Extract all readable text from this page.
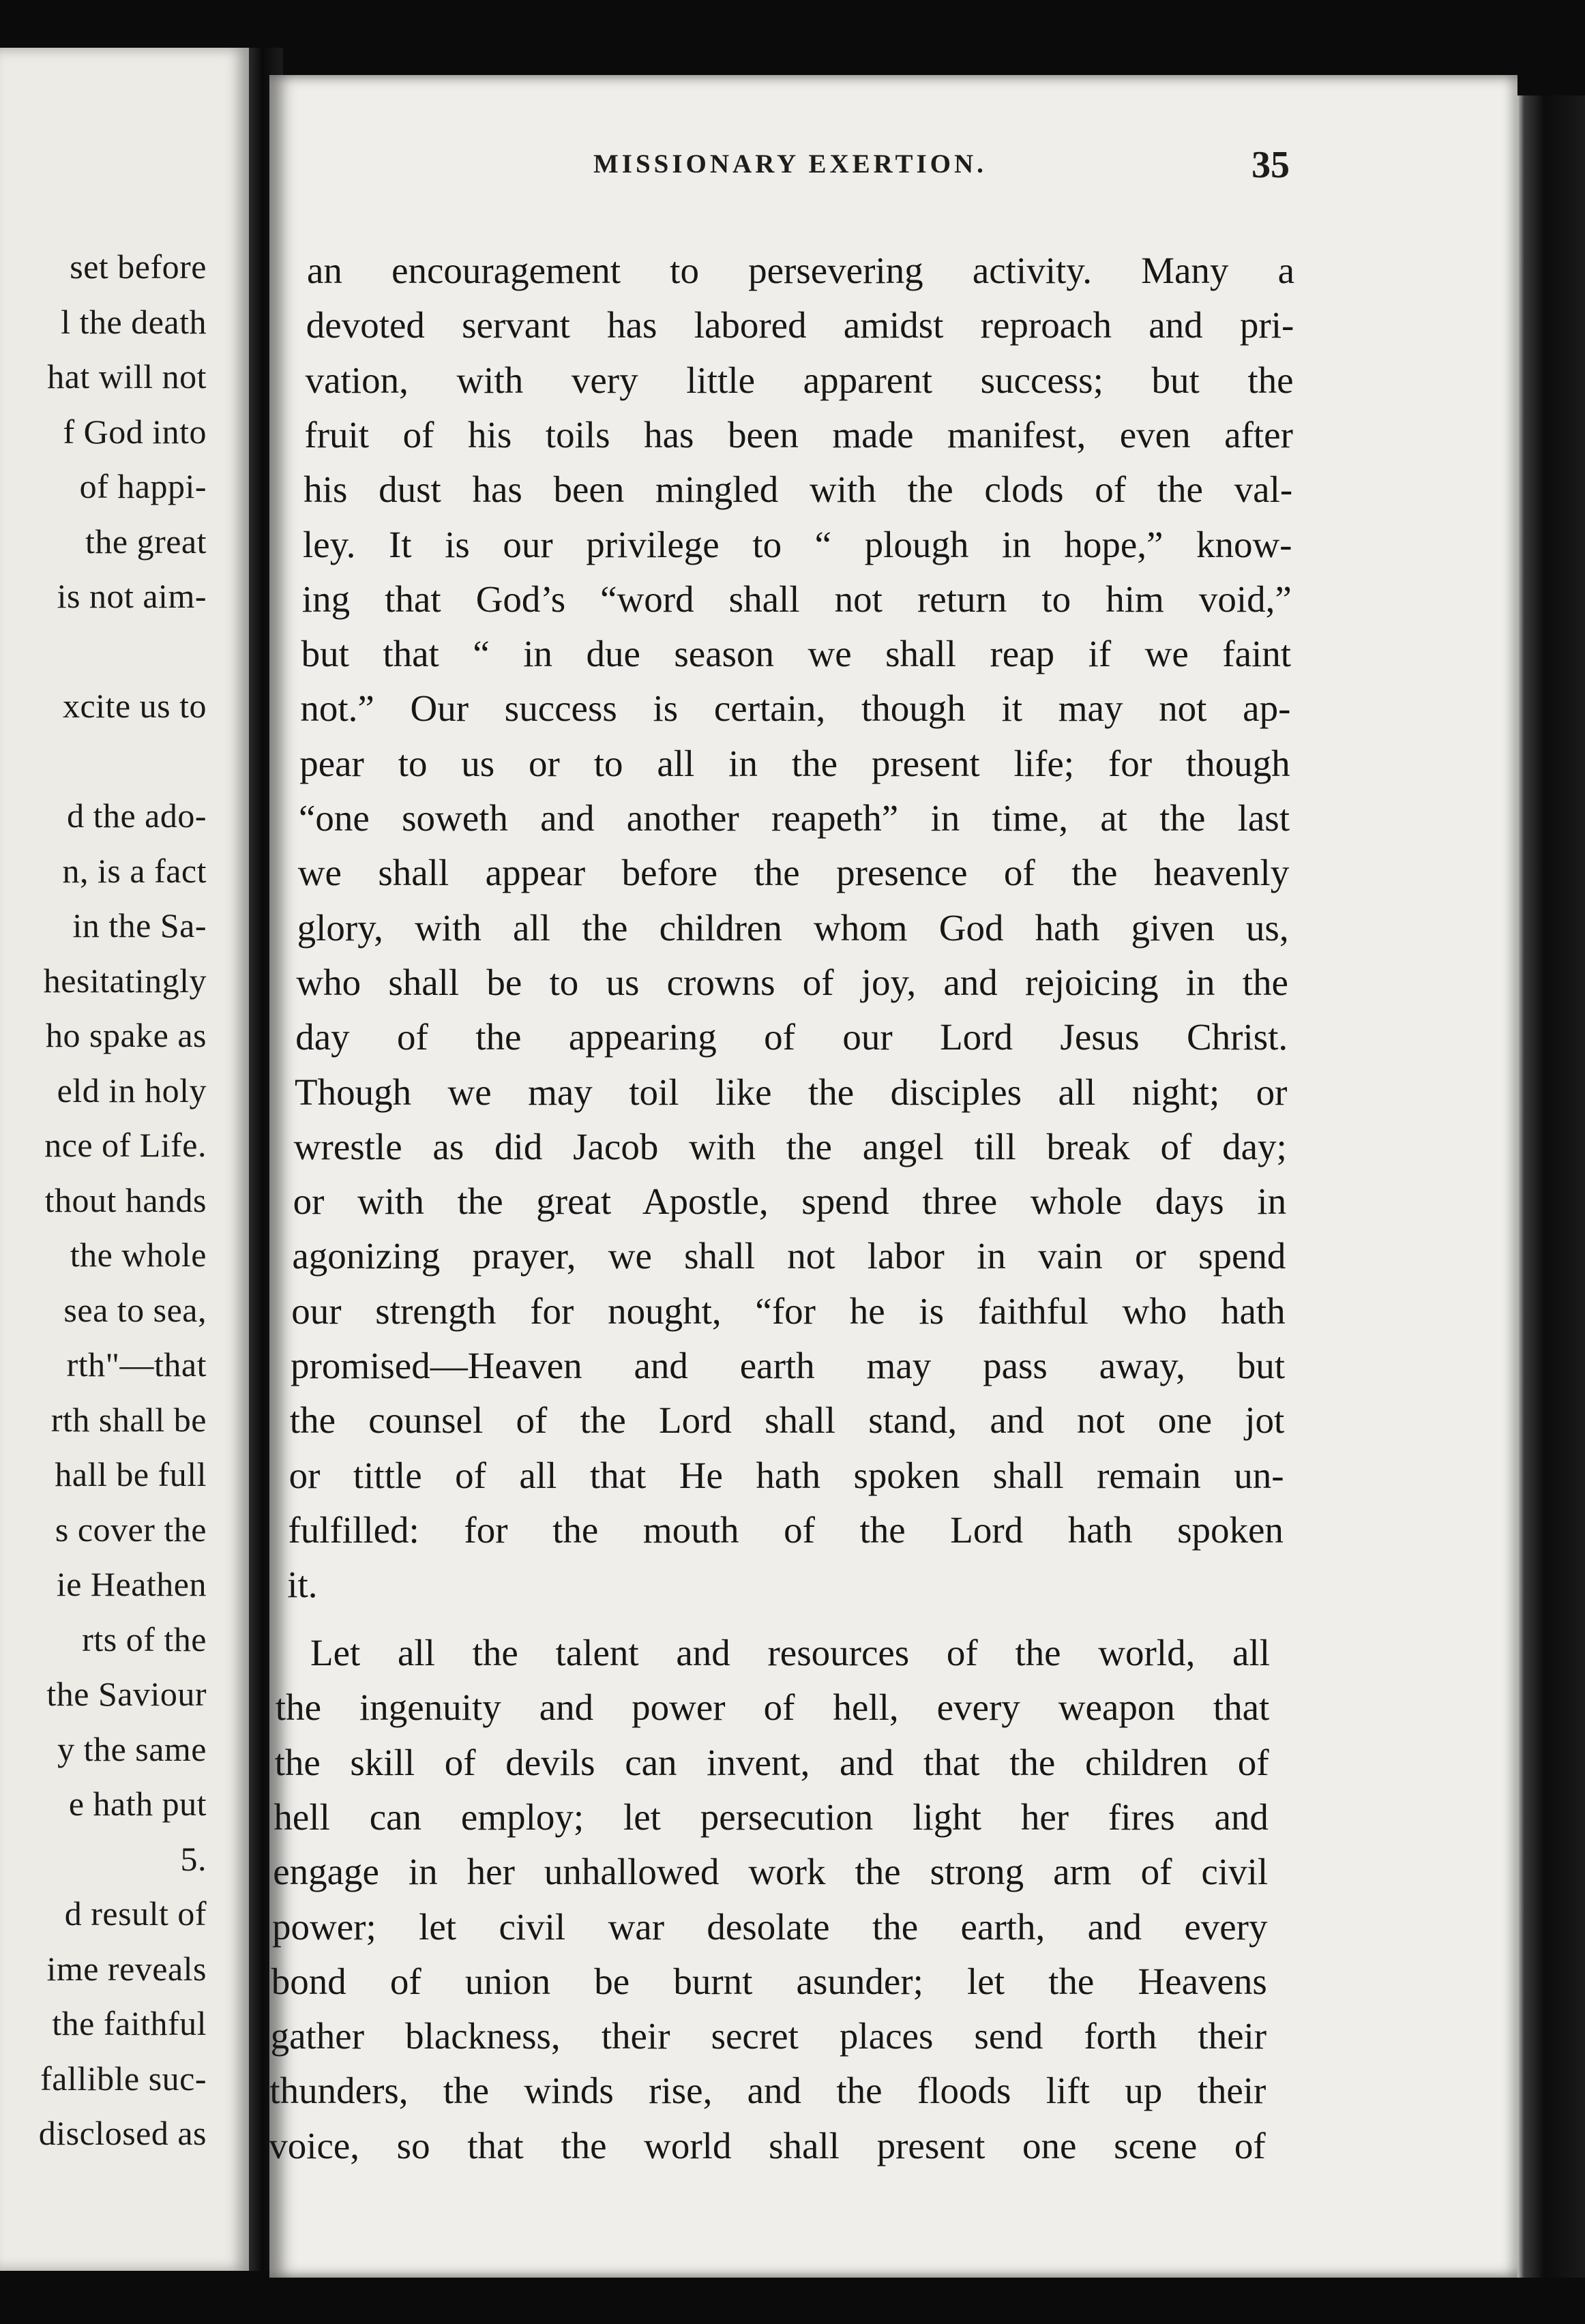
set before
l the death
hat will not
f God into
of happi-
the great
is not aim-
xcite us to
d the ado-
n, is a fact
in the Sa-
hesitatingly
ho spake as
eld in holy
nce of Life.
thout hands
the whole
sea to sea,
rth"—that
rth shall be
hall be full
s cover the
ie Heathen
rts of the
the Saviour
y the same
e hath put
5.
d result of
ime reveals
the faithful
fallible suc-
disclosed as
MISSIONARY EXERTION.	35
an encouragement to persevering activity. Many a
devoted servant has labored amidst reproach and pri-
vation, with very little apparent success; but the
fruit of his toils has been made manifest, even after
his dust has been mingled with the clods of the val-
ley. It is our privilege to “ plough in hope,” know-
ing that God’s “word shall not return to him void,”
but that “ in due season we shall reap if we faint
not.” Our success is certain, though it may not ap-
pear to us or to all in the present life; for though
“one soweth and another reapeth” in time, at the last
we shall appear before the presence of the heavenly
glory, with all the children whom God hath given us,
who shall be to us crowns of joy, and rejoicing in the
day of the appearing of our Lord Jesus Christ.
Though we may toil like the disciples all night; or
wrestle as did Jacob with the angel till break of day;
or with the great Apostle, spend three whole days in
agonizing prayer, we shall not labor in vain or spend
our strength for nought, “for he is faithful who hath
promised—Heaven and earth may pass away, but
the counsel of the Lord shall stand, and not one jot
or tittle of all that He hath spoken shall remain un-
fulfilled: for the mouth of the Lord hath spoken
it.
Let all the talent and resources of the world, all
the ingenuity and power of hell, every weapon that
the skill of devils can invent, and that the children of
hell can employ; let persecution light her fires and
engage in her unhallowed work the strong arm of civil
power; let civil war desolate the earth, and every
bond of union be burnt asunder; let the Heavens
gather blackness, their secret places send forth their
thunders, the winds rise, and the floods lift up their
voice, so that the world shall present one scene of
